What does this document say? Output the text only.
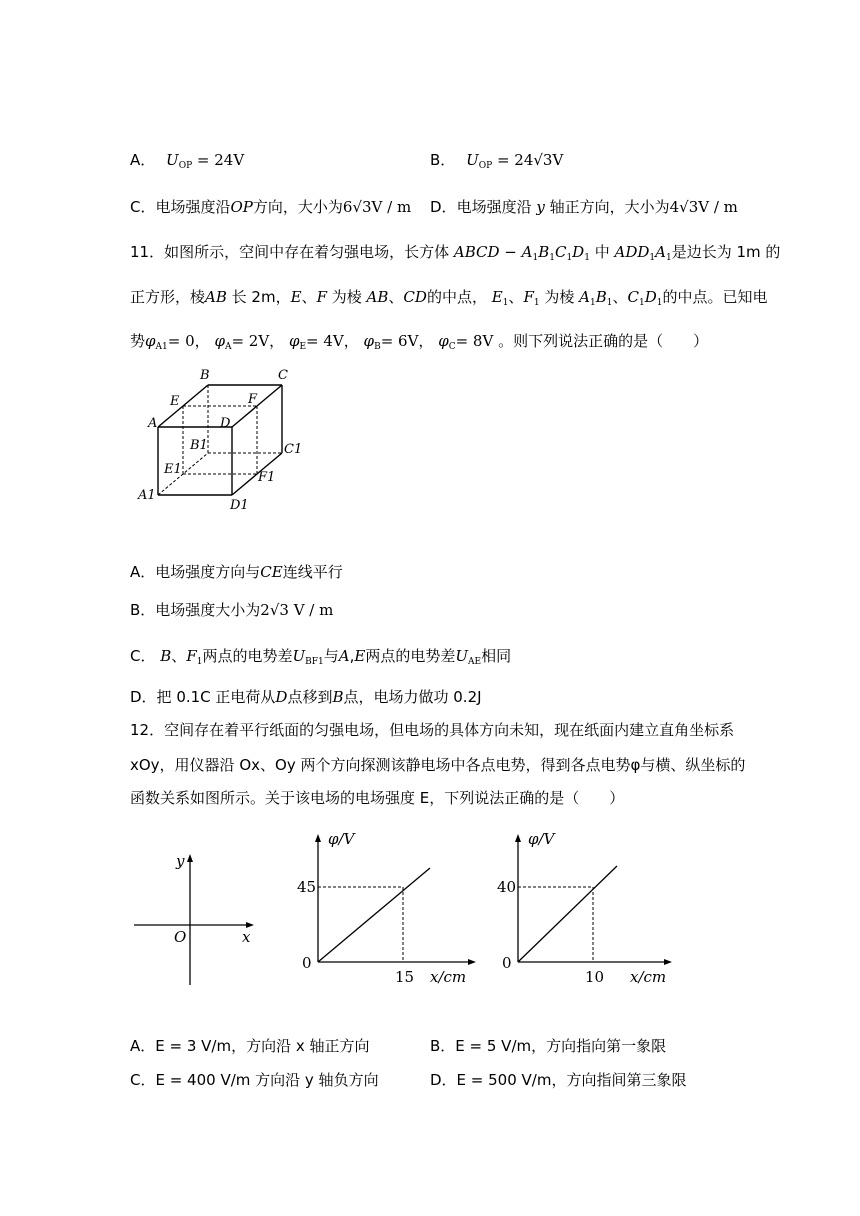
A． $U_{OP} = 24V$	B． $U_{OP} = 24√3V$
C．电场强度沿OP方向，大小为6√3V / m D．电场强度沿 y 轴正方向，大小为4√3V / m
11．如图所示，空间中存在着匀强电场，长方体 ABCD − $A_1B_1C_1D_1$ 中 $ADD_1A_1$是边长为 1m 的
正方形，棱AB 长 2m，E、F 为棱 AB、CD的中点， $E_1$、$F_1$ 为棱 $A_1B_1$、$C_1D_1$的中点。已知电
势$\varphi_{A1}= 0$， $\varphi_A= 2V$， $\varphi_E= 4V$， $\varphi_B= 6V$， $\varphi_C= 8V$ 。则下列说法正确的是（　　）
B	C
E	F
A	D
B1	C1
E1
F1
A1
D1
A．电场强度方向与CE连线平行
B．电场强度大小为2√3 V / m
C． B、$F_1$两点的电势差$U_{BF1}$与A,E两点的电势差$U_{AE}$相同
D．把 0.1C 正电荷从D点移到B点，电场力做功 0.2J
12．空间存在着平行纸面的匀强电场，但电场的具体方向未知，现在纸面内建立直角坐标系
xOy，用仪器沿 Ox、Oy 两个方向探测该静电场中各点电势，得到各点电势φ与横、纵坐标的
函数关系如图所示。关于该电场的电场强度 E，下列说法正确的是（　　）
y
x
O
φ/V
45
0
15 x/cm
φ/V
40
0
10 x/cm
A．E = 3 V/m，方向沿 x 轴正方向	B．E = 5 V/m，方向指向第一象限
C．E = 400 V/m 方向沿 y 轴负方向	D．E = 500 V/m，方向指间第三象限
